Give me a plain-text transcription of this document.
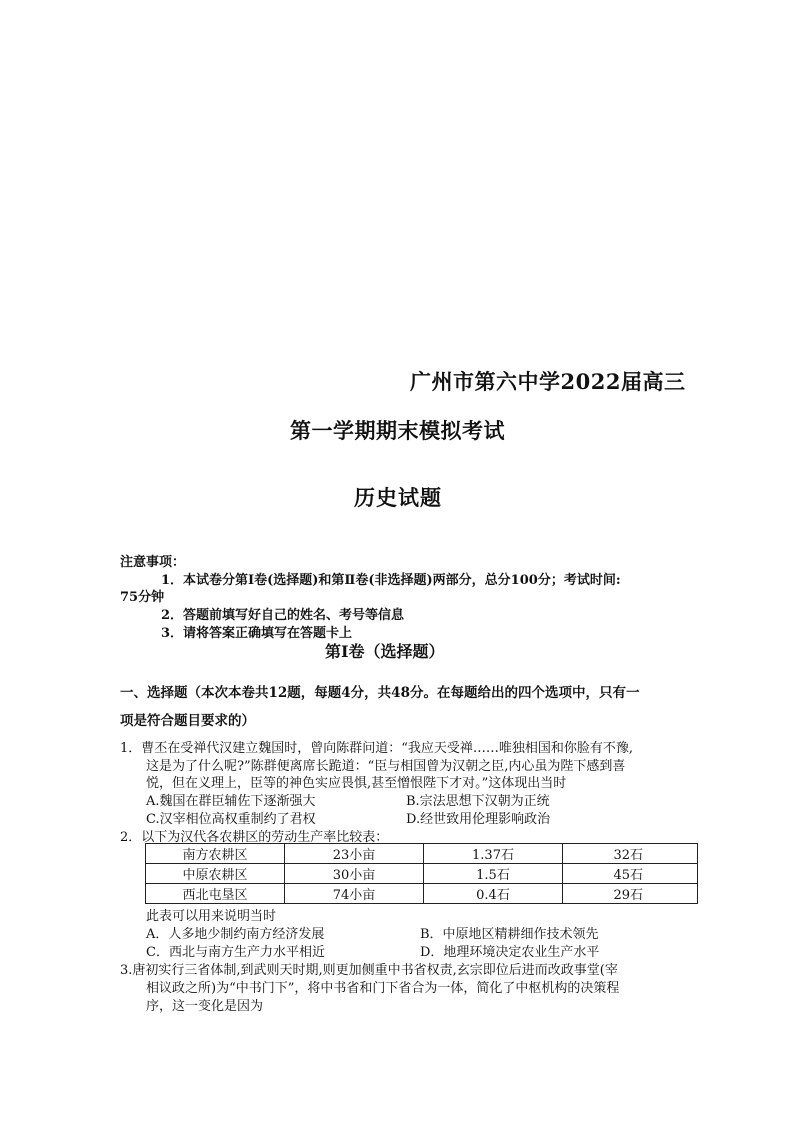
广州市第六中学2022届高三
第一学期期末模拟考试
历史试题
注意事项：
1．本试卷分第Ⅰ卷(选择题)和第Ⅱ卷(非选择题)两部分，总分100分；考试时间:
75分钟
2．答题前填写好自己的姓名、考号等信息
3．请将答案正确填写在答题卡上
第Ⅰ卷（选择题）
一、选择题（本次本卷共12题，每题4分，共48分。在每题给出的四个选项中，只有一
项是符合题目要求的）
1．曹丕在受禅代汉建立魏国时，曾向陈群问道：“我应天受禅……唯独相国和你脸有不豫,
这是为了什么呢?”陈群便离席长跪道：“臣与相国曾为汉朝之臣,内心虽为陛下感到喜
悦，但在义理上，臣等的神色实应畏惧,甚至憎恨陛下才对。”这体现出当时
A.魏国在群臣辅佐下逐渐强大	B.宗法思想下汉朝为正统
C.汉宰相位高权重制约了君权	D.经世致用伦理影响政治
2．以下为汉代各农耕区的劳动生产率比较表：
南方农耕区	23小亩	1.37石	32石
中原农耕区	30小亩	1.5石	45石
西北屯垦区	74小亩	0.4石	29石
此表可以用来说明当时
A．人多地少制约南方经济发展	B．中原地区精耕细作技术领先
C．西北与南方生产力水平相近	D．地理环境决定农业生产水平
3.唐初实行三省体制,到武则天时期,则更加侧重中书省权责,玄宗即位后进而改政事堂(宰
相议政之所)为“中书门下”，将中书省和门下省合为一体，简化了中枢机构的决策程
序，这一变化是因为
